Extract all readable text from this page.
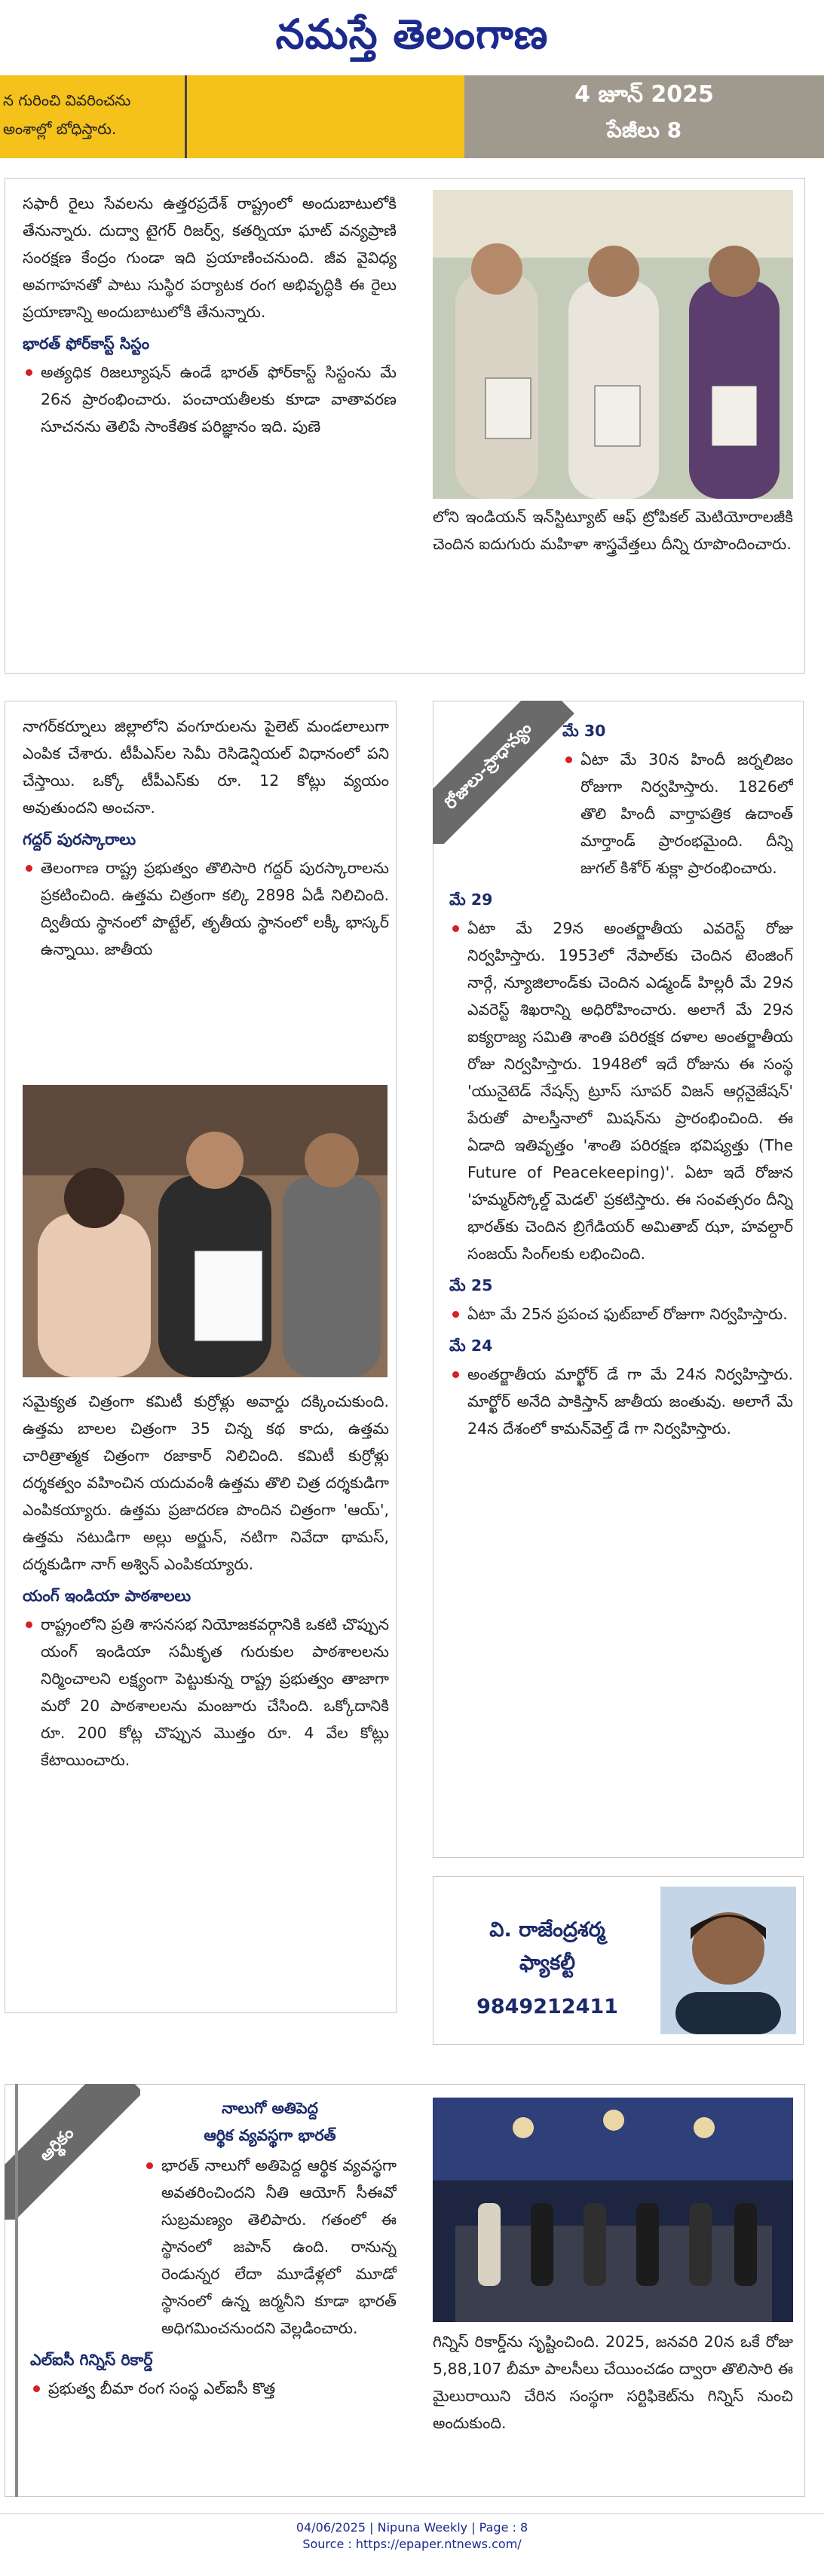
నమస్తే తెలంగాణ
న గురించి వివరించను
అంశాల్లో బోధిస్తారు.
4 జూన్ 2025
పేజీలు 8

సఫారీ రైలు సేవలను ఉత్తరప్రదేశ్ రాష్ట్రంలో అందుబాటులోకి తేనున్నారు. దుద్వా టైగర్ రిజర్వ్, కతర్నియా ఘాట్ వన్యప్రాణి సంరక్షణ కేంద్రం గుండా ఇది ప్రయాణించనుంది. జీవ వైవిధ్య అవగాహనతో పాటు సుస్థిర పర్యాటక రంగ అభివృద్ధికి ఈ రైలు ప్రయాణాన్ని అందుబాటులోకి తేనున్నారు.

భారత్ ఫోర్‌కాస్ట్ సిస్టం

అత్యధిక రిజల్యూషన్ ఉండే భారత్ ఫోర్‌కాస్ట్ సిస్టంను మే 26న ప్రారంభించారు. పంచాయతీలకు కూడా వాతావరణ సూచనను తెలిపే సాంకేతిక పరిజ్ఞానం ఇది. పుణె

లోని ఇండియన్ ఇన్‌స్టిట్యూట్ ఆఫ్ ట్రోపికల్ మెటియోరాలజీకి చెందిన ఐదుగురు మహిళా శాస్త్రవేత్తలు దీన్ని రూపొందించారు.

నాగర్‌కర్నూలు జిల్లాలోని వంగూరులను పైలెట్ మండలాలుగా ఎంపిక చేశారు. టీపీఎస్‌ల సెమీ రెసిడెన్షియల్ విధానంలో పని చేస్తాయి. ఒక్కో టీపీఎస్‌కు రూ. 12 కోట్లు వ్యయం అవుతుందని అంచనా.

గద్దర్ పురస్కారాలు

తెలంగాణ రాష్ట్ర ప్రభుత్వం తొలిసారి గద్దర్ పురస్కారాలను ప్రకటించింది. ఉత్తమ చిత్రంగా కల్కి 2898 ఏడీ నిలిచింది. ద్వితీయ స్థానంలో పొట్టేల్, తృతీయ స్థానంలో లక్కీ భాస్కర్ ఉన్నాయి. జాతీయ

సమైక్యత చిత్రంగా కమిటీ కుర్రోళ్లు అవార్డు దక్కించుకుంది. ఉత్తమ బాలల చిత్రంగా 35 చిన్న కథ కాదు, ఉత్తమ చారిత్రాత్మక చిత్రంగా రజాకార్ నిలిచింది. కమిటీ కుర్రోళ్లు దర్శకత్వం వహించిన యదువంశీ ఉత్తమ తొలి చిత్ర దర్శకుడిగా ఎంపికయ్యారు. ఉత్తమ ప్రజాదరణ పొందిన చిత్రంగా 'ఆయ్', ఉత్తమ నటుడిగా అల్లు అర్జున్, నటిగా నివేదా థామస్, దర్శకుడిగా నాగ్ అశ్విన్ ఎంపికయ్యారు.

యంగ్ ఇండియా పాఠశాలలు

రాష్ట్రంలోని ప్రతి శాసనసభ నియోజకవర్గానికి ఒకటి చొప్పున యంగ్ ఇండియా సమీకృత గురుకుల పాఠశాలలను నిర్మించాలని లక్ష్యంగా పెట్టుకున్న రాష్ట్ర ప్రభుత్వం తాజాగా మరో 20 పాఠశాలలను మంజూరు చేసింది. ఒక్కోదానికి రూ. 200 కోట్ల చొప్పున మొత్తం రూ. 4 వేల కోట్లు కేటాయించారు.

రోజులు-ప్రాధాన్యం	మే 30

ఏటా మే 30న హిందీ జర్నలిజం రోజుగా నిర్వహిస్తారు. 1826లో తొలి హిందీ వార్తాపత్రిక ఉదాంత్ మార్తాండ్ ప్రారంభమైంది. దీన్ని జుగల్ కిశోర్ శుక్లా ప్రారంభించారు.

మే 29

ఏటా మే 29న అంతర్జాతీయ ఎవరెస్ట్ రోజు నిర్వహిస్తారు. 1953లో నేపాల్‌కు చెందిన టెంజింగ్ నార్గే, న్యూజిలాండ్‌కు చెందిన ఎడ్మండ్ హిల్లరీ మే 29న ఎవరెస్ట్ శిఖరాన్ని అధిరోహించారు. అలాగే మే 29న ఐక్యరాజ్య సమితి శాంతి పరిరక్షక దళాల అంతర్జాతీయ రోజు నిర్వహిస్తారు. 1948లో ఇదే రోజును ఈ సంస్థ 'యునైటెడ్ నేషన్స్ ట్రూస్ సూపర్ విజన్ ఆర్గనైజేషన్' పేరుతో పాలస్తీనాలో మిషన్‌ను ప్రారంభించింది. ఈ ఏడాది ఇతివృత్తం 'శాంతి పరిరక్షణ భవిష్యత్తు (The Future of Peacekeeping)'. ఏటా ఇదే రోజున 'హమ్మర్‌స్కోల్డ్ మెడల్' ప్రకటిస్తారు. ఈ సంవత్సరం దీన్ని భారత్‌కు చెందిన బ్రిగేడియర్ అమితాబ్ ఝా, హవల్దార్ సంజయ్ సింగ్‌లకు లభించింది.

మే 25

ఏటా మే 25న ప్రపంచ ఫుట్‌బాల్ రోజుగా నిర్వహిస్తారు.

మే 24

అంతర్జాతీయ మార్ఖోర్ డే గా మే 24న నిర్వహిస్తారు. మార్ఖోర్ అనేది పాకిస్తాన్ జాతీయ జంతువు. అలాగే మే 24న దేశంలో కామన్‌వెల్త్ డే గా నిర్వహిస్తారు.

వి. రాజేంద్రశర్మ
ఫ్యాకల్టీ
9849212411
ఆర్థికం

నాలుగో అతిపెద్ద

ఆర్థిక వ్యవస్థగా భారత్

భారత్ నాలుగో అతిపెద్ద ఆర్థిక వ్యవస్థగా అవతరించిందని నీతి ఆయోగ్ సీఈవో సుబ్రమణ్యం తెలిపారు. గతంలో ఈ స్థానంలో జపాన్ ఉంది. రానున్న రెండున్నర లేదా మూడేళ్లలో మూడో స్థానంలో ఉన్న జర్మనీని కూడా భారత్ అధిగమించనుందని వెల్లడించారు.

ఎల్ఐసీ గిన్నిస్ రికార్డ్

ప్రభుత్వ బీమా రంగ సంస్థ ఎల్ఐసీ కొత్త

గిన్నిస్ రికార్డ్‌ను సృష్టించింది. 2025, జనవరి 20న ఒకే రోజు 5,88,107 బీమా పాలసీలు చేయించడం ద్వారా తొలిసారి ఈ మైలురాయిని చేరిన సంస్థగా సర్టిఫికెట్‌ను గిన్నిస్ నుంచి అందుకుంది.

04/06/2025 | Nipuna Weekly | Page : 8
Source : https://epaper.ntnews.com/
